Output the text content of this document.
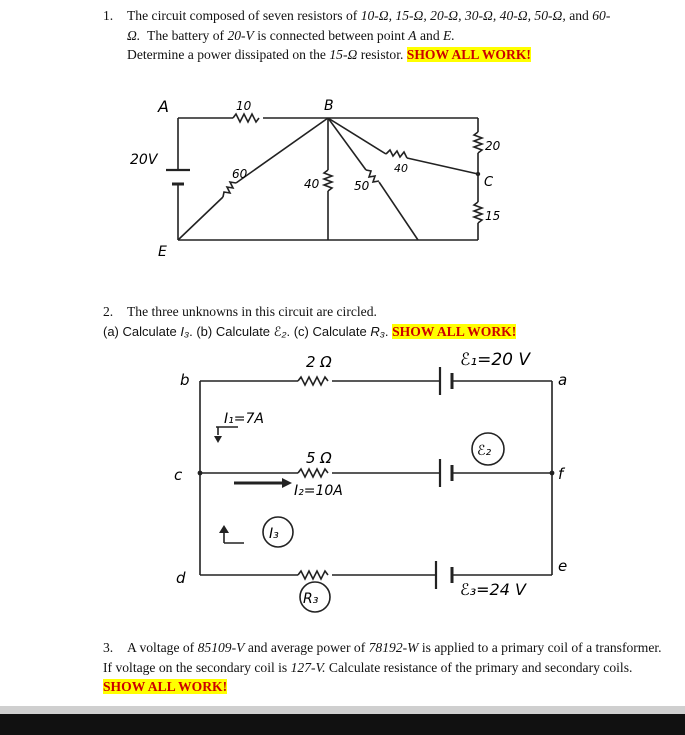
1. The circuit composed of seven resistors of 10-Ω, 15-Ω, 20-Ω, 30-Ω, 40-Ω, 50-Ω, and 60-
Ω. The battery of 20-V is connected between point A and E.
Determine a power dissipated on the 15-Ω resistor. SHOW ALL WORK!
A	B
C
E
20V
10
60
40	50
40
20
15
2. The three unknowns in this circuit are circled.
(a) Calculate I₃. (b) Calculate ℰ₂. (c) Calculate R₃. SHOW ALL WORK!
b
c
d
a
f
e
2 Ω	ℰ₁=20 V
I₁=7A
5 Ω
I₂=10A
ℰ₂
I₃
R₃	ℰ₃=24 V
3. A voltage of 85109-V and average power of 78192-W is applied to a primary coil of a transformer. If voltage on the secondary coil is 127-V. Calculate resistance of the primary and secondary coils. SHOW ALL WORK!
